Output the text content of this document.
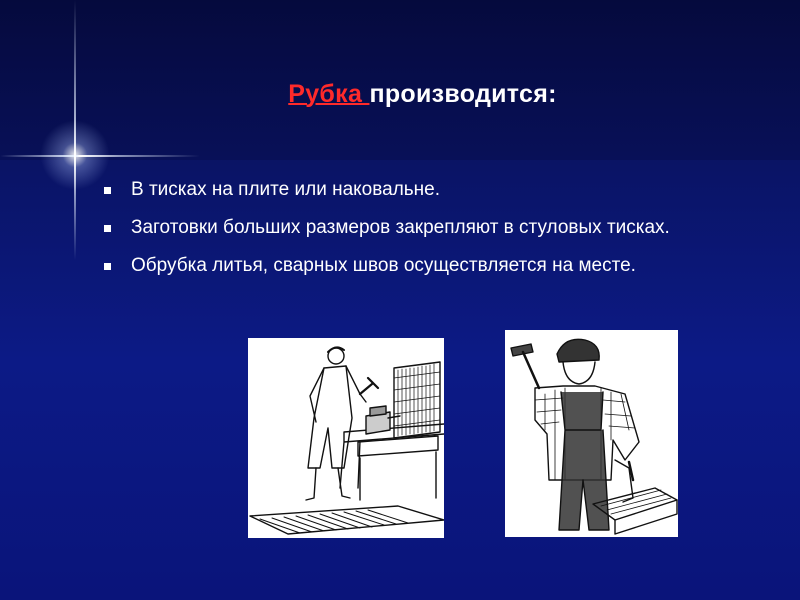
Рубка производится:
В тисках на плите или наковальне.
Заготовки больших размеров закрепляют в стуловых тисках.
Обрубка литья, сварных швов осуществляется на месте.
